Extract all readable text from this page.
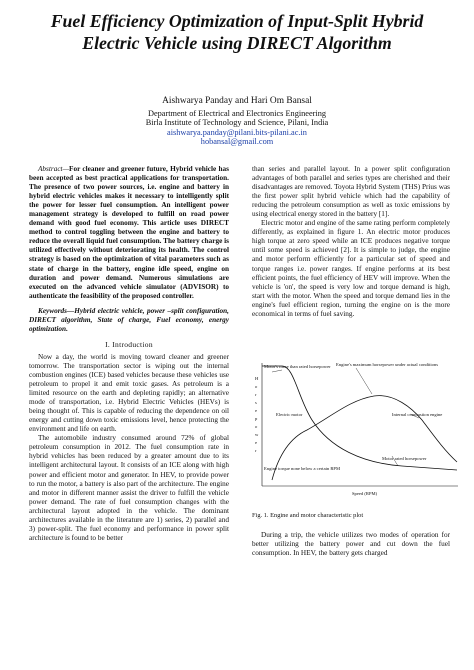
Fuel Efficiency Optimization of Input-Split Hybrid
Electric Vehicle using DIRECT Algorithm
Aishwarya Panday and Hari Om Bansal
Department of Electrical and Electronics Engineering
Birla Institute of Technology and Science, Pilani, India
aishwarya.panday@pilani.bits-pilani.ac.in
hobansal@gmail.com

Abstract—For cleaner and greener future, Hybrid vehicle has been accepted as best practical applications for transportation. The presence of two power sources, i.e. engine and battery in hybrid electric vehicles makes it necessary to intelligently split the power for lesser fuel consumption. An intelligent power management strategy is developed to fulfill on road power demand with good fuel economy. This article uses DIRECT method to control toggling between the engine and battery to reduce the overall liquid fuel consumption. The battery charge is utilized effectively without deteriorating its health. The control strategy is based on the optimization of vital parameters such as state of charge in the battery, engine idle speed, engine on duration and power demand. Numerous simulations are executed on the advanced vehicle simulator (ADVISOR) to authenticate the feasibility of the proposed controller.

Keywords—Hybrid electric vehicle, power –split configuration, DIRECT algorithm, State of charge, Fuel economy, energy optimization.

I. Introduction

Now a day, the world is moving toward cleaner and greener tomorrow. The transportation sector is wiping out the internal combustion engines (ICE) based vehicles because these vehicles use petroleum to propel it and emit toxic gases. As petroleum is a limited resource on the earth and depleting rapidly; an alternative mode of transportation, i.e. Hybrid Electric Vehicles (HEVs) is being thought of. This is capable of reducing the dependence on oil energy and cutting down toxic emissions level, hence protecting the environment and life on earth.

The automobile industry consumed around 72% of global petroleum consumption in 2012. The fuel consumption rate in hybrid vehicles has been reduced by a greater amount due to its intelligent architectural layout. It consists of an ICE along with high power and efficient motor and generator. In HEV, to provide power to run the motor, a battery is also part of the architecture. The engine and motor in different manner assist the driver to fulfill the vehicle power demand. The rate of fuel consumption changes with the architectural layout adopted in the vehicle. The dominant architectures available in the literature are 1) series, 2) parallel and 3) power-split. The fuel economy and performance in power split architecture is found to be better

than series and parallel layout. In a power split configuration advantages of both parallel and series types are cherished and their disadvantages are removed. Toyota Hybrid System (THS) Prius was the first power split hybrid vehicle which had the capability of reducing the petroleum consumption as well as toxic emissions by using electrical energy stored in the battery [1].

Electric motor and engine of the same rating perform completely differently, as explained in figure 1. An electric motor produces high torque at zero speed while an ICE produces negative torque until some speed is achieved [2]. It is simple to judge, the engine and motor perform efficiently for a particular set of speed and torque ranges i.e. power ranges. If engine performs at its best efficient points, the fuel efficiency of HEV will improve. When the vehicle is 'on', the speed is very low and torque demand is high, start with the motor. When the speed and torque demand lies in the engine's fuel efficient region, turning the engine on is the more economical in terms of fuel saving.

H
o
r
s
e
p
o
w
e
r
Speed (RPM)
Motor's more than rated horsepower Engine's maximum horsepower under actual conditions
Electric motor	Internal combustion engine
Engine torque none below a certain RPM
Motor rated horsepower
Fig. 1. Engine and motor characteristic plot

During a trip, the vehicle utilizes two modes of operation for better utilizing the battery power and cut down the fuel consumption. In HEV, the battery gets charged
